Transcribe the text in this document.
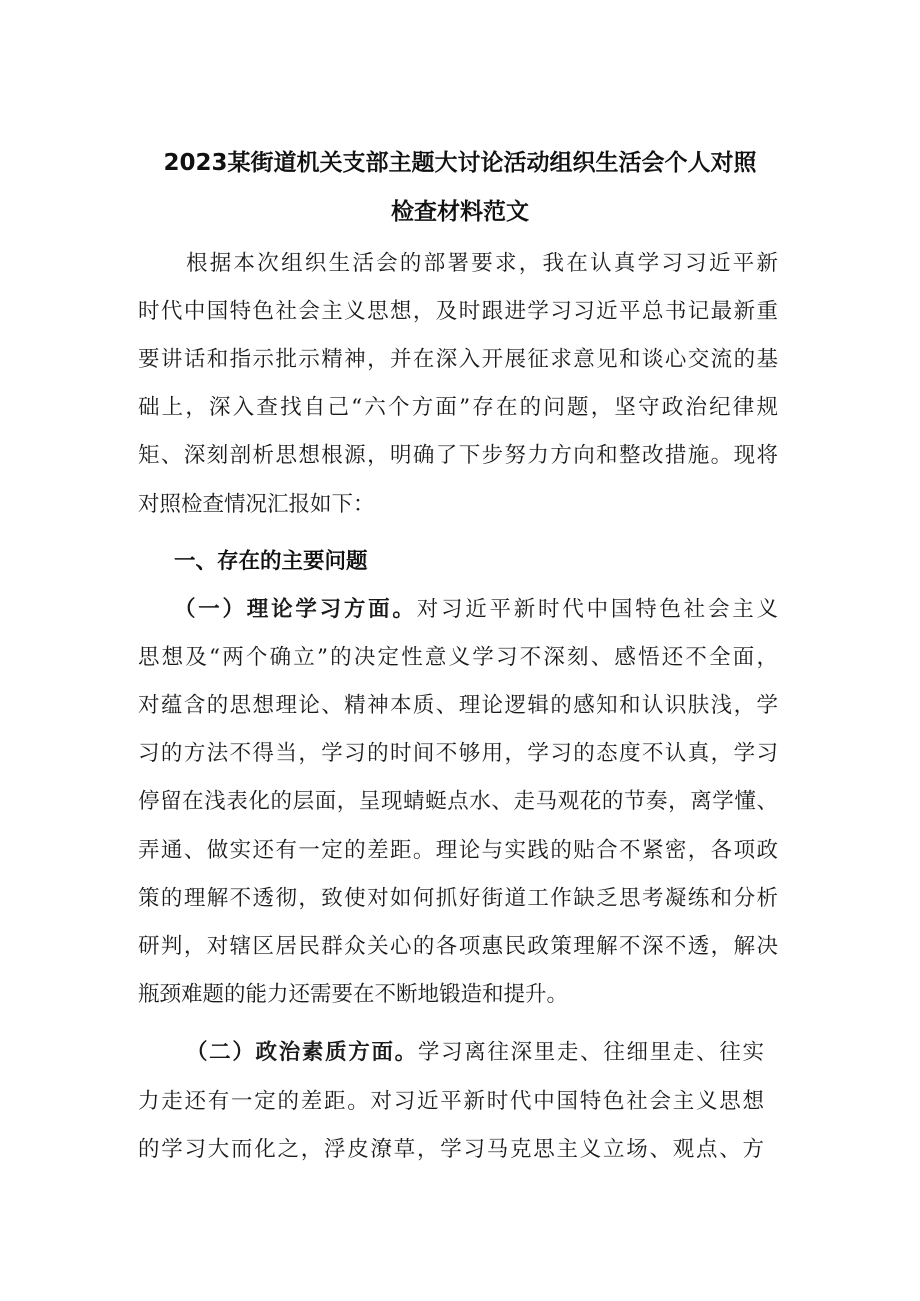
2023某街道机关支部主题大讨论活动组织生活会个人对照
检查材料范文
根据本次组织生活会的部署要求，我在认真学习习近平新
时代中国特色社会主义思想，及时跟进学习习近平总书记最新重
要讲话和指示批示精神，并在深入开展征求意见和谈心交流的基
础上，深入查找自己“六个方面”存在的问题，坚守政治纪律规
矩、深刻剖析思想根源，明确了下步努力方向和整改措施。现将
对照检查情况汇报如下：
一、存在的主要问题
（一）理论学习方面。对习近平新时代中国特色社会主义
思想及“两个确立”的决定性意义学习不深刻、感悟还不全面，
对蕴含的思想理论、精神本质、理论逻辑的感知和认识肤浅，学
习的方法不得当，学习的时间不够用，学习的态度不认真，学习
停留在浅表化的层面，呈现蜻蜓点水、走马观花的节奏，离学懂、
弄通、做实还有一定的差距。理论与实践的贴合不紧密，各项政
策的理解不透彻，致使对如何抓好街道工作缺乏思考凝练和分析
研判，对辖区居民群众关心的各项惠民政策理解不深不透，解决
瓶颈难题的能力还需要在不断地锻造和提升。
（二）政治素质方面。学习离往深里走、往细里走、往实
力走还有一定的差距。对习近平新时代中国特色社会主义思想
的学习大而化之，浮皮潦草，学习马克思主义立场、观点、方
